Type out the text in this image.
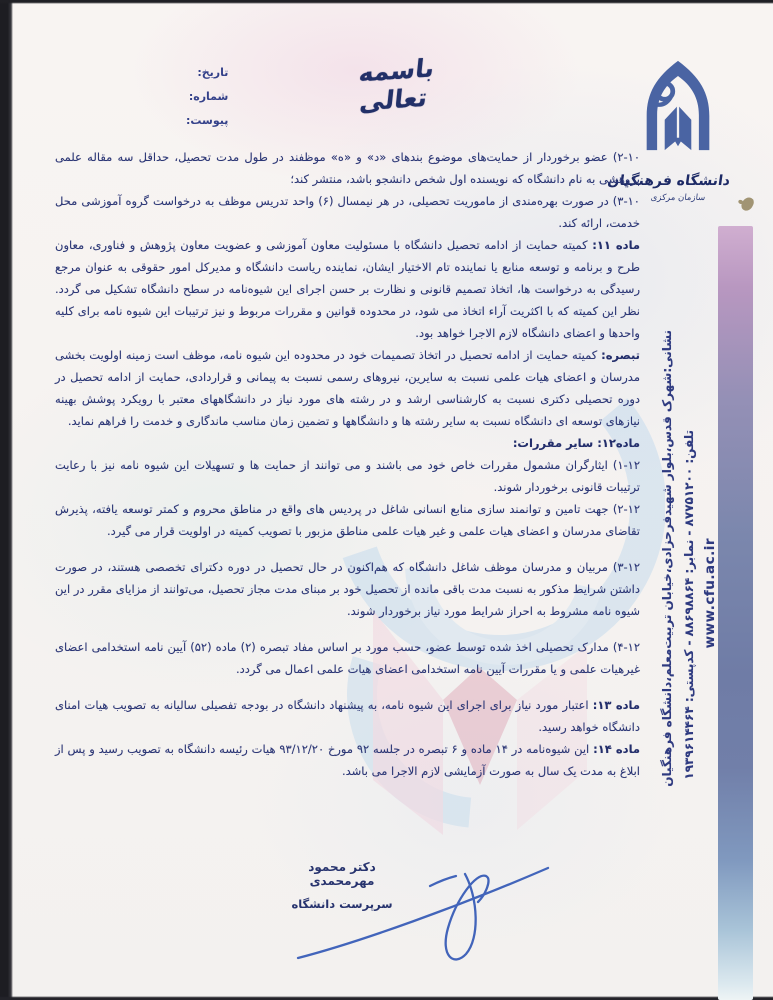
تاریخ:
شماره:
پیوست:
باسمه تعالی
دانشگاه فرهنگیان
سازمان مرکزی

۲-۱۰) عضو برخوردار از حمایت‌های موضوع بندهای «د» و «ه» موظفند در طول مدت تحصیل، حداقل سه مقاله علمی پژوهشی به نام دانشگاه که نویسنده اول شخص دانشجو باشد، منتشر کند؛

۳-۱۰) در صورت بهره‌مندی از ماموریت تحصیلی، در هر نیمسال (۶) واحد تدریس موظف به درخواست گروه آموزشی محل خدمت، ارائه کند.

ماده ۱۱: کمیته حمایت از ادامه تحصیل دانشگاه با مسئولیت معاون آموزشی و عضویت معاون پژوهش و فناوری، معاون طرح و برنامه و توسعه منابع یا نماینده تام الاختیار ایشان، نماینده ریاست دانشگاه و مدیرکل امور حقوقی به عنوان مرجع رسیدگی به درخواست ها، اتخاذ تصمیم قانونی و نظارت بر حسن اجرای این شیوه‌نامه در سطح دانشگاه تشکیل می گردد. نظر این کمیته که با اکثریت آراء اتخاذ می شود، در محدوده قوانین و مقررات مربوط و نیز ترتیبات این شیوه نامه برای کلیه واحدها و اعضای دانشگاه لازم الاجرا خواهد بود.

تبصره: کمیته حمایت از ادامه تحصیل در اتخاذ تصمیمات خود در محدوده این شیوه نامه، موظف است زمینه اولویت بخشی مدرسان و اعضای هیات علمی نسبت به سایرین، نیروهای رسمی نسبت به پیمانی و قراردادی، حمایت از ادامه تحصیل در دوره تحصیلی دکتری نسبت به کارشناسی ارشد و در رشته های مورد نیاز در دانشگاههای معتبر با رویکرد پوشش بهینه نیازهای توسعه ای دانشگاه نسبت به سایر رشته ها و دانشگاهها و تضمین زمان مناسب ماندگاری و خدمت را فراهم نماید.

ماده۱۲: سایر مقررات:

۱-۱۲) ایثارگران مشمول مقررات خاص خود می باشند و می توانند از حمایت ها و تسهیلات این شیوه نامه نیز با رعایت ترتیبات قانونی برخوردار شوند.

۲-۱۲) جهت تامین و توانمند سازی منابع انسانی شاغل در پردیس های واقع در مناطق محروم و کمتر توسعه یافته، پذیرش تقاضای مدرسان و اعضای هیات علمی و غیر هیات علمی مناطق مزبور با تصویب کمیته در اولویت قرار می گیرد.

۳-۱۲) مربیان و مدرسان موظف شاغل دانشگاه که هم‌اکنون در حال تحصیل در دوره دکترای تخصصی هستند، در صورت داشتن شرایط مذکور به نسبت مدت باقی مانده از تحصیل خود بر مبنای مدت مجاز تحصیل، می‌توانند از مزایای مقرر در این شیوه نامه مشروط به احراز شرایط مورد نیاز برخوردار شوند.

۴-۱۲) مدارک تحصیلی اخذ شده توسط عضو، حسب مورد بر اساس مفاد تبصره (۲) ماده (۵۲) آیین نامه استخدامی اعضای غیرهیات علمی و یا مقررات آیین نامه استخدامی اعضای هیات علمی اعمال می گردد.

ماده ۱۳: اعتبار مورد نیاز برای اجرای این شیوه نامه، به پیشنهاد دانشگاه در بودجه تفصیلی سالیانه به تصویب هیات امنای دانشگاه خواهد رسید.

ماده ۱۴: این شیوه‌نامه در ۱۴ ماده و ۶ تبصره در جلسه ۹۲ مورخ ۹۳/۱۲/۲۰ هیات رئیسه دانشگاه به تصویب رسید و پس از ابلاغ به مدت یک سال به صورت آزمایشی لازم الاجرا می باشد.

دکتر محمود مهرمحمدی
سرپرست دانشگاه
نشانی:شهرک قدس،بلوار شهیدفرحزادی،خیابان تربیت‌معلم،دانشگاه فرهنگیان تلفن: ۸۷۷۵۱۲۰۰ - نمابر: ۸۸۶۹۸۸۶۴ - کدپستی: ۱۹۳۹۶۱۴۴۶۴
www.cfu.ac.ir
